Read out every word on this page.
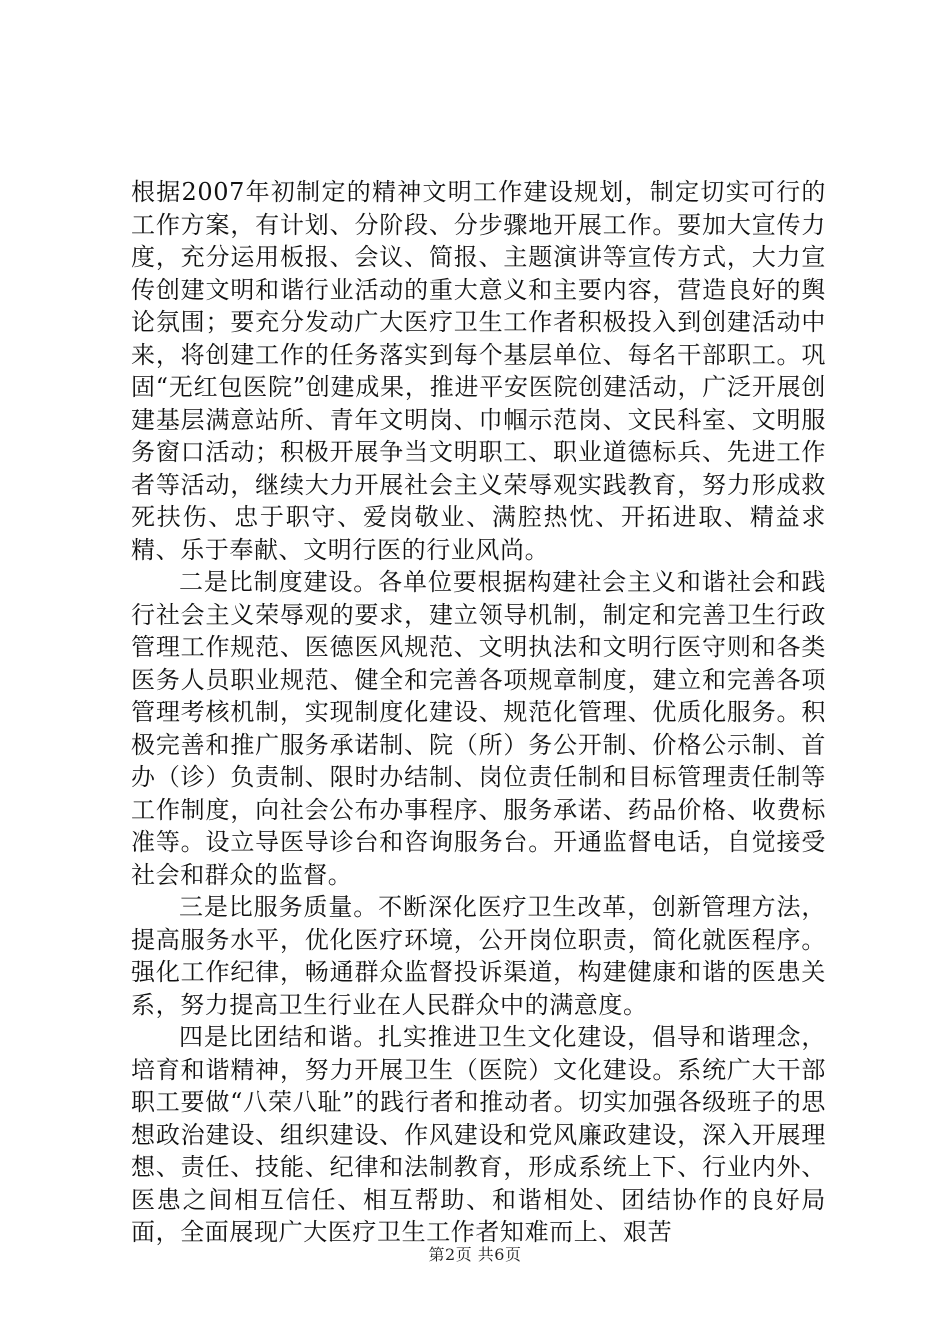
根据2007年初制定的精神文明工作建设规划，制定切实可行的工作方案，有计划、分阶段、分步骤地开展工作。要加大宣传力度，充分运用板报、会议、简报、主题演讲等宣传方式，大力宣传创建文明和谐行业活动的重大意义和主要内容，营造良好的舆论氛围；要充分发动广大医疗卫生工作者积极投入到创建活动中来，将创建工作的任务落实到每个基层单位、每名干部职工。巩固“无红包医院”创建成果，推进平安医院创建活动，广泛开展创建基层满意站所、青年文明岗、巾帼示范岗、文民科室、文明服务窗口活动；积极开展争当文明职工、职业道德标兵、先进工作者等活动，继续大力开展社会主义荣辱观实践教育，努力形成救死扶伤、忠于职守、爱岗敬业、满腔热忱、开拓进取、精益求精、乐于奉献、文明行医的行业风尚。

二是比制度建设。各单位要根据构建社会主义和谐社会和践行社会主义荣辱观的要求，建立领导机制，制定和完善卫生行政管理工作规范、医德医风规范、文明执法和文明行医守则和各类医务人员职业规范、健全和完善各项规章制度，建立和完善各项管理考核机制，实现制度化建设、规范化管理、优质化服务。积极完善和推广服务承诺制、院（所）务公开制、价格公示制、首办（诊）负责制、限时办结制、岗位责任制和目标管理责任制等工作制度，向社会公布办事程序、服务承诺、药品价格、收费标准等。设立导医导诊台和咨询服务台。开通监督电话，自觉接受社会和群众的监督。

三是比服务质量。不断深化医疗卫生改革，创新管理方法，提高服务水平，优化医疗环境，公开岗位职责，简化就医程序。强化工作纪律，畅通群众监督投诉渠道，构建健康和谐的医患关系，努力提高卫生行业在人民群众中的满意度。

四是比团结和谐。扎实推进卫生文化建设，倡导和谐理念，培育和谐精神，努力开展卫生（医院）文化建设。系统广大干部职工要做“八荣八耻”的践行者和推动者。切实加强各级班子的思想政治建设、组织建设、作风建设和党风廉政建设，深入开展理想、责任、技能、纪律和法制教育，形成系统上下、行业内外、医患之间相互信任、相互帮助、和谐相处、团结协作的良好局面，全面展现广大医疗卫生工作者知难而上、艰苦

第2页 共6页
